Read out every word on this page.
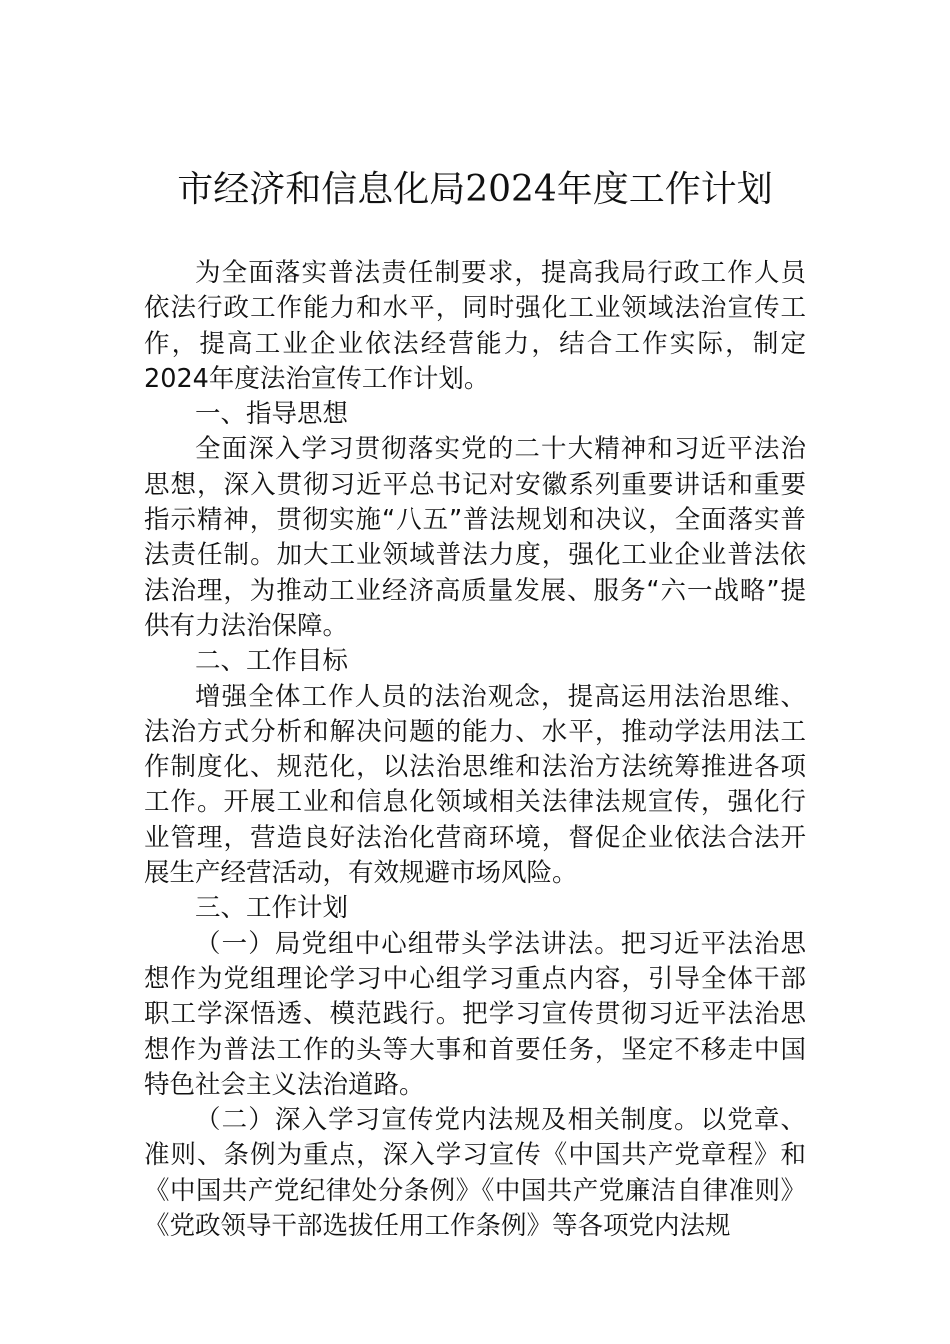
市经济和信息化局2024年度工作计划

为全面落实普法责任制要求，提高我局行政工作人员依法行政工作能力和水平，同时强化工业领域法治宣传工作，提高工业企业依法经营能力，结合工作实际，制定2024年度法治宣传工作计划。

一、指导思想

全面深入学习贯彻落实党的二十大精神和习近平法治思想，深入贯彻习近平总书记对安徽系列重要讲话和重要指示精神，贯彻实施“八五”普法规划和决议，全面落实普法责任制。加大工业领域普法力度，强化工业企业普法依法治理，为推动工业经济高质量发展、服务“六一战略”提供有力法治保障。

二、工作目标

增强全体工作人员的法治观念，提高运用法治思维、法治方式分析和解决问题的能力、水平，推动学法用法工作制度化、规范化，以法治思维和法治方法统筹推进各项工作。开展工业和信息化领域相关法律法规宣传，强化行业管理，营造良好法治化营商环境，督促企业依法合法开展生产经营活动，有效规避市场风险。

三、工作计划

（一）局党组中心组带头学法讲法。把习近平法治思想作为党组理论学习中心组学习重点内容，引导全体干部职工学深悟透、模范践行。把学习宣传贯彻习近平法治思想作为普法工作的头等大事和首要任务，坚定不移走中国特色社会主义法治道路。

（二）深入学习宣传党内法规及相关制度。以党章、准则、条例为重点，深入学习宣传《中国共产党章程》和《中国共产党纪律处分条例》《中国共产党廉洁自律准则》《党政领导干部选拔任用工作条例》等各项党内法规
